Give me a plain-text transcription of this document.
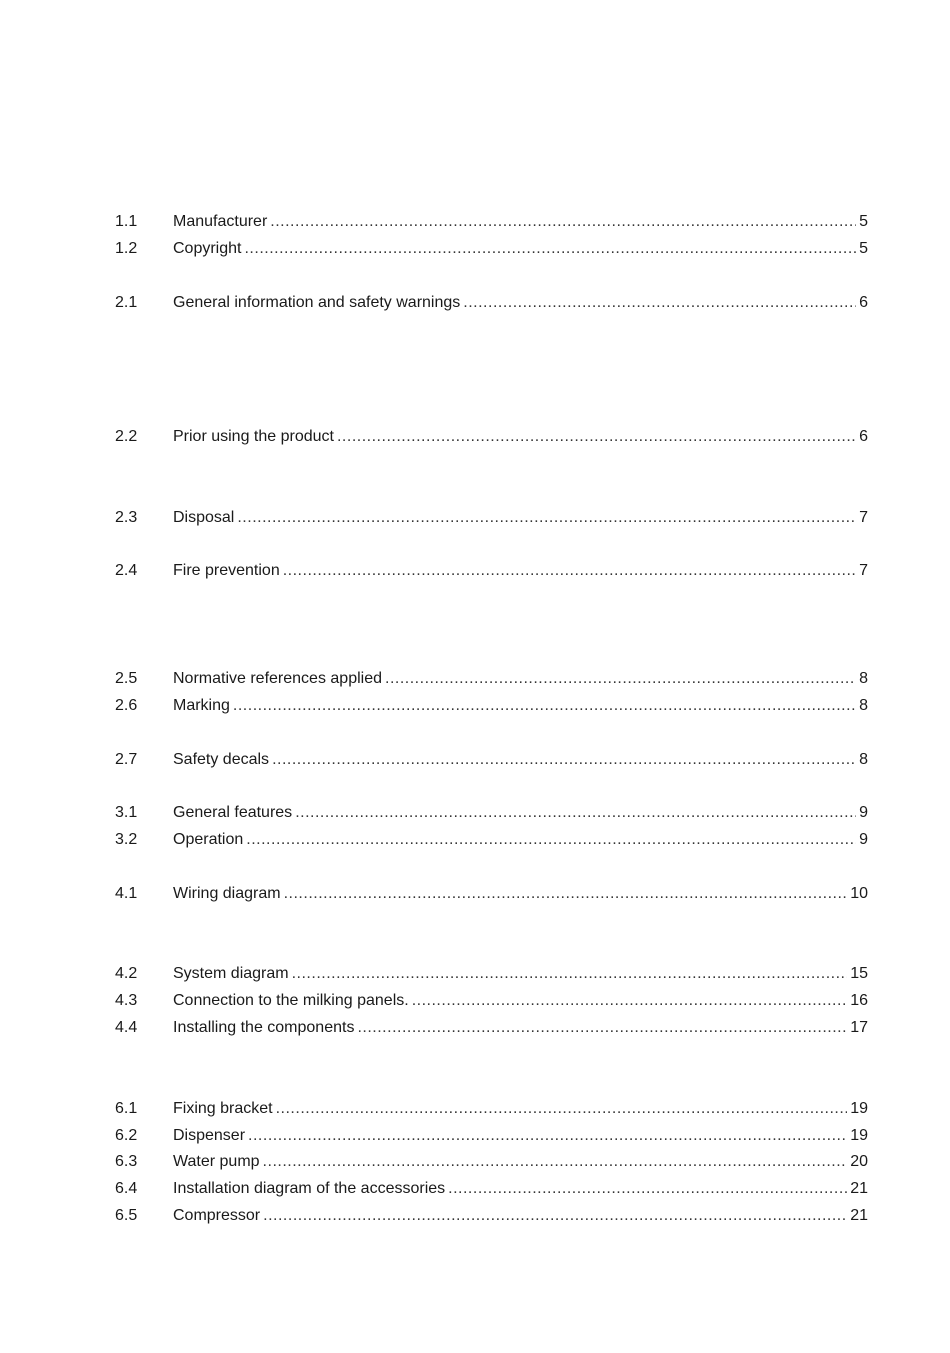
1.1	Manufacturer .....	5
1.2	Copyright .....	5
2.1	General information and safety warnings .....	6
2.2	Prior using the product .....	6
2.3	Disposal .....	7
2.4	Fire prevention .....	7
2.5	Normative references applied .....	8
2.6	Marking .....	8
2.7	Safety decals .....	8
3.1	General features .....	9
3.2	Operation .....	9
4.1	Wiring diagram .....	10
4.2	System diagram .....	15
4.3	Connection to the milking panels. .....	16
4.4	Installing the components .....	17
6.1	Fixing bracket .....	19
6.2	Dispenser .....	19
6.3	Water pump .....	20
6.4	Installation diagram of the accessories .....	21
6.5	Compressor .....	21
